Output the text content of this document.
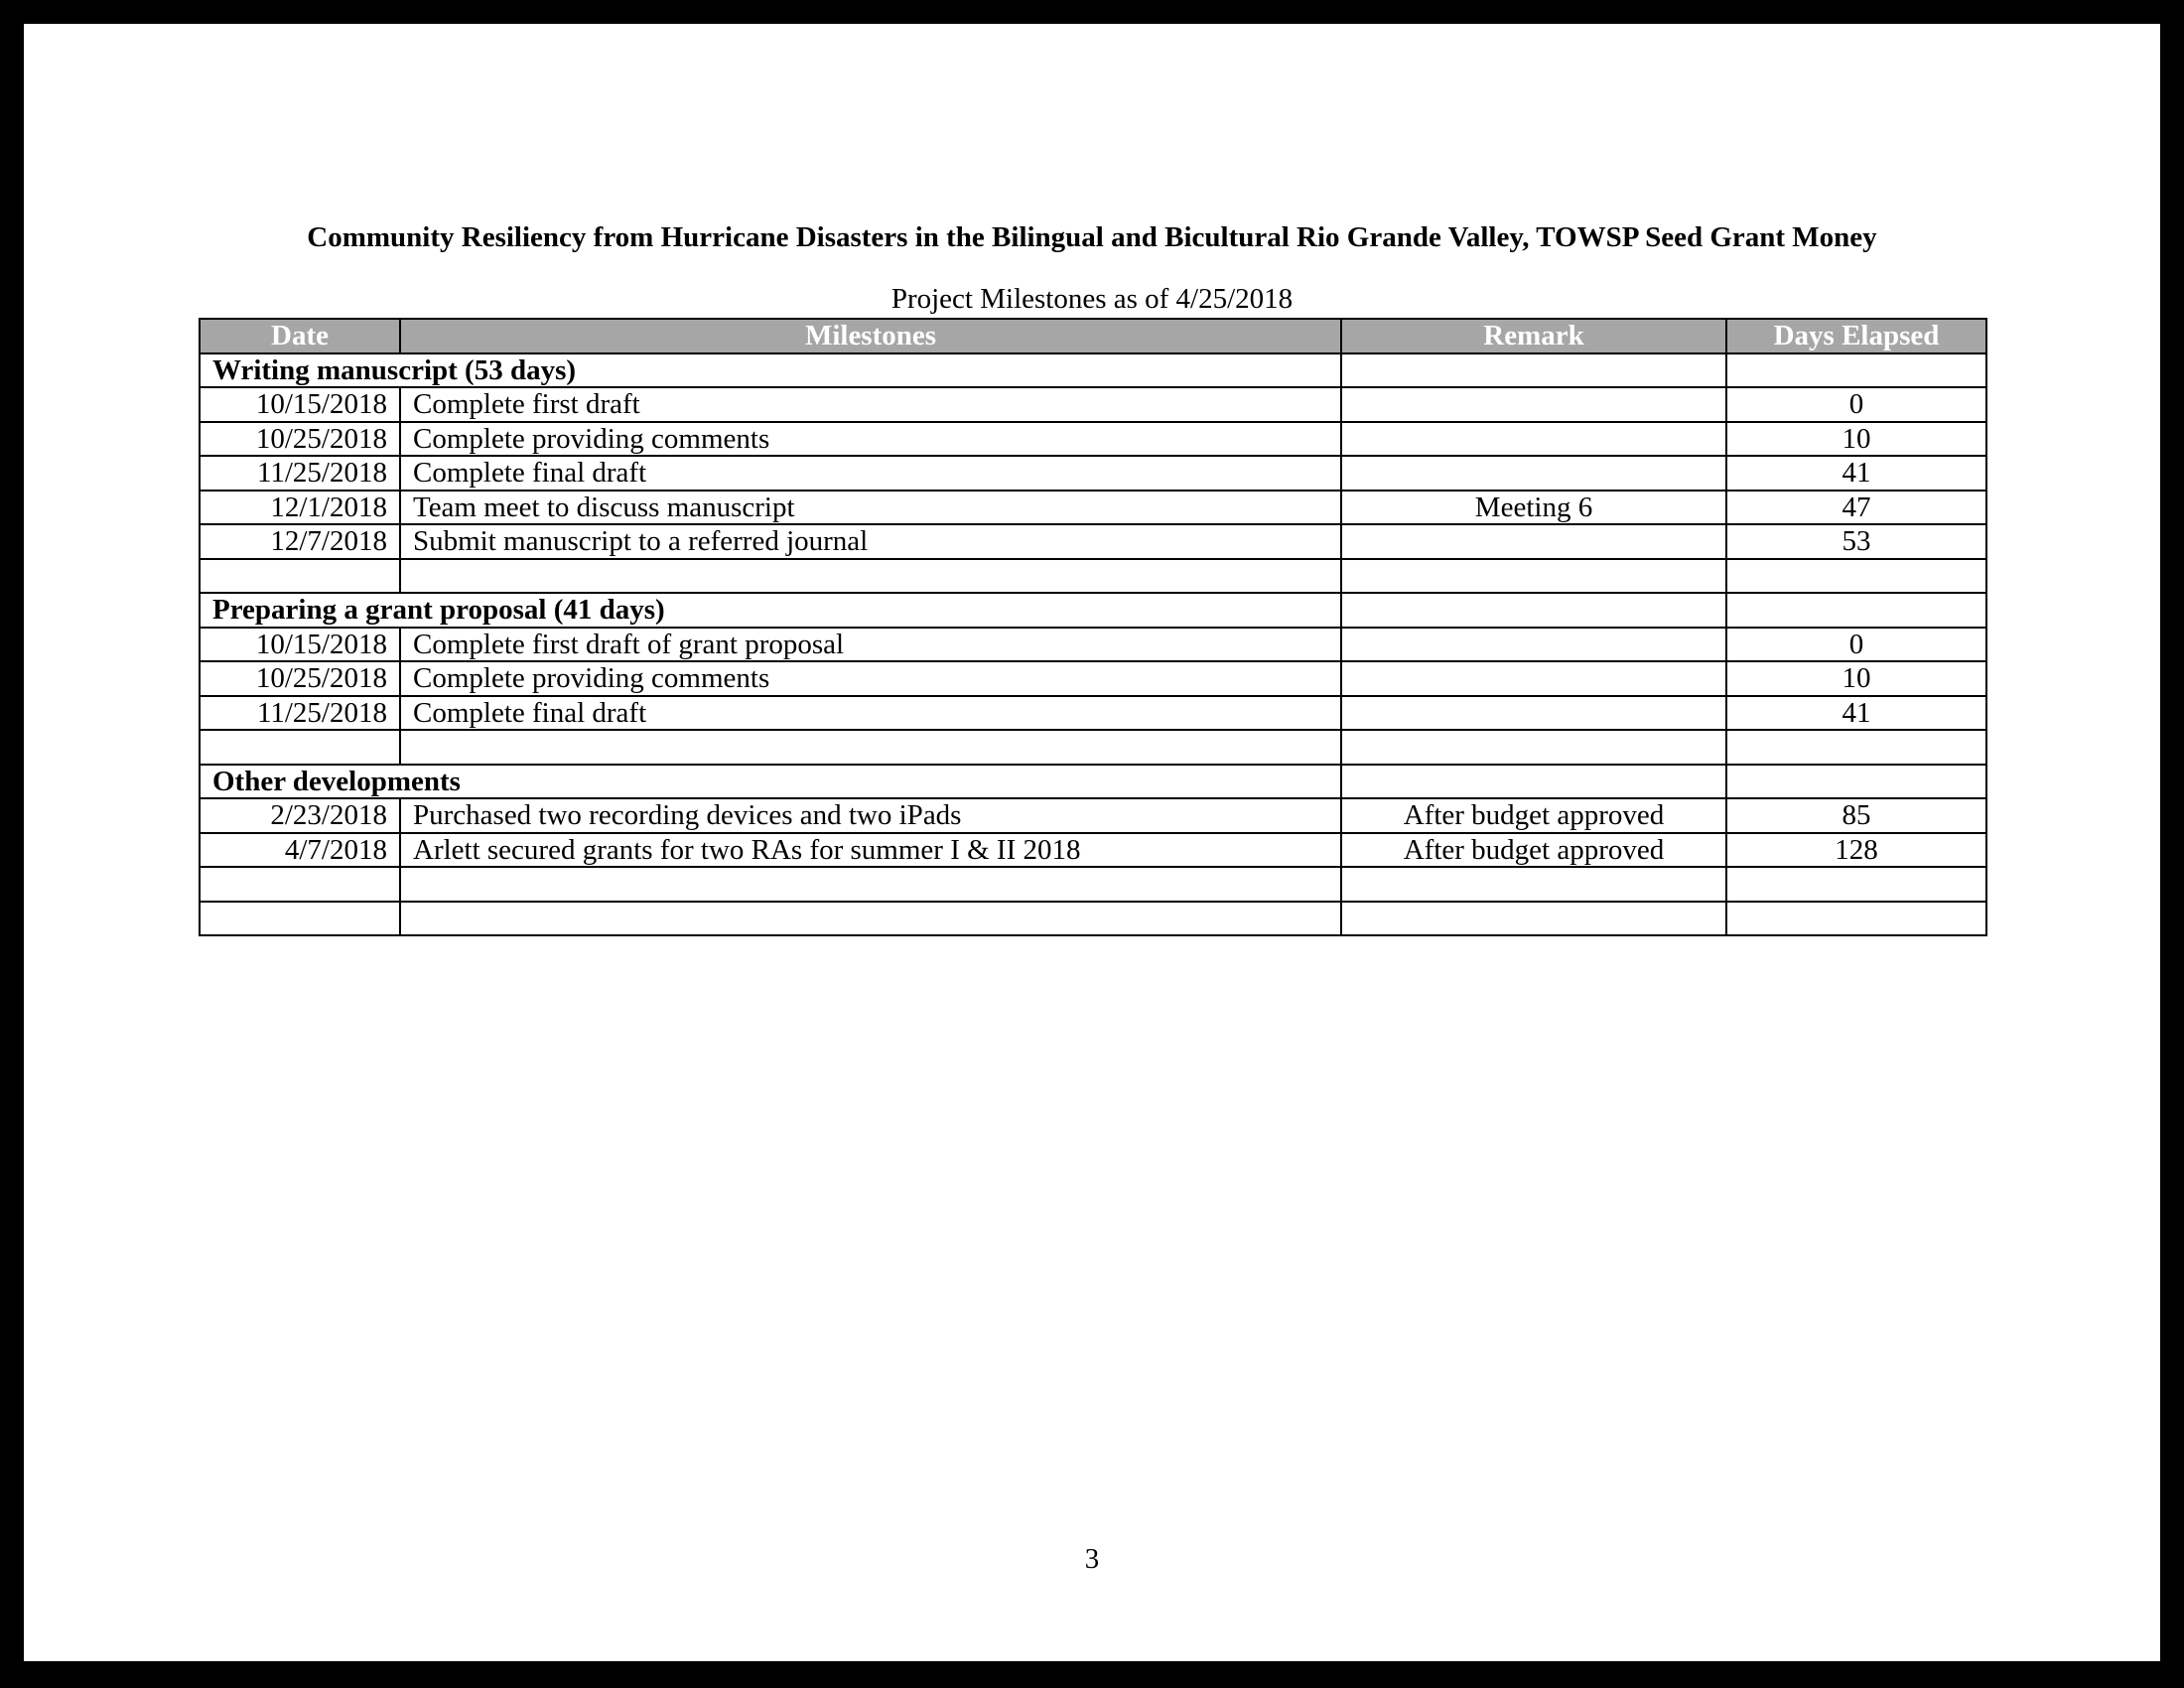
Community Resiliency from Hurricane Disasters in the Bilingual and Bicultural Rio Grande Valley, TOWSP Seed Grant Money
Project Milestones as of 4/25/2018
Date	Milestones	Remark	Days Elapsed
Writing manuscript (53 days)			
10/15/2018	Complete first draft		0
10/25/2018	Complete providing comments		10
11/25/2018	Complete final draft		41
12/1/2018	Team meet to discuss manuscript	Meeting 6	47
12/7/2018	Submit manuscript to a referred journal		53

Preparing a grant proposal (41 days)			
10/15/2018	Complete first draft of grant proposal		0
10/25/2018	Complete providing comments		10
11/25/2018	Complete final draft		41

Other developments			
2/23/2018	Purchased two recording devices and two iPads	After budget approved	85
4/7/2018	Arlett secured grants for two RAs for summer I & II 2018	After budget approved	128

3
